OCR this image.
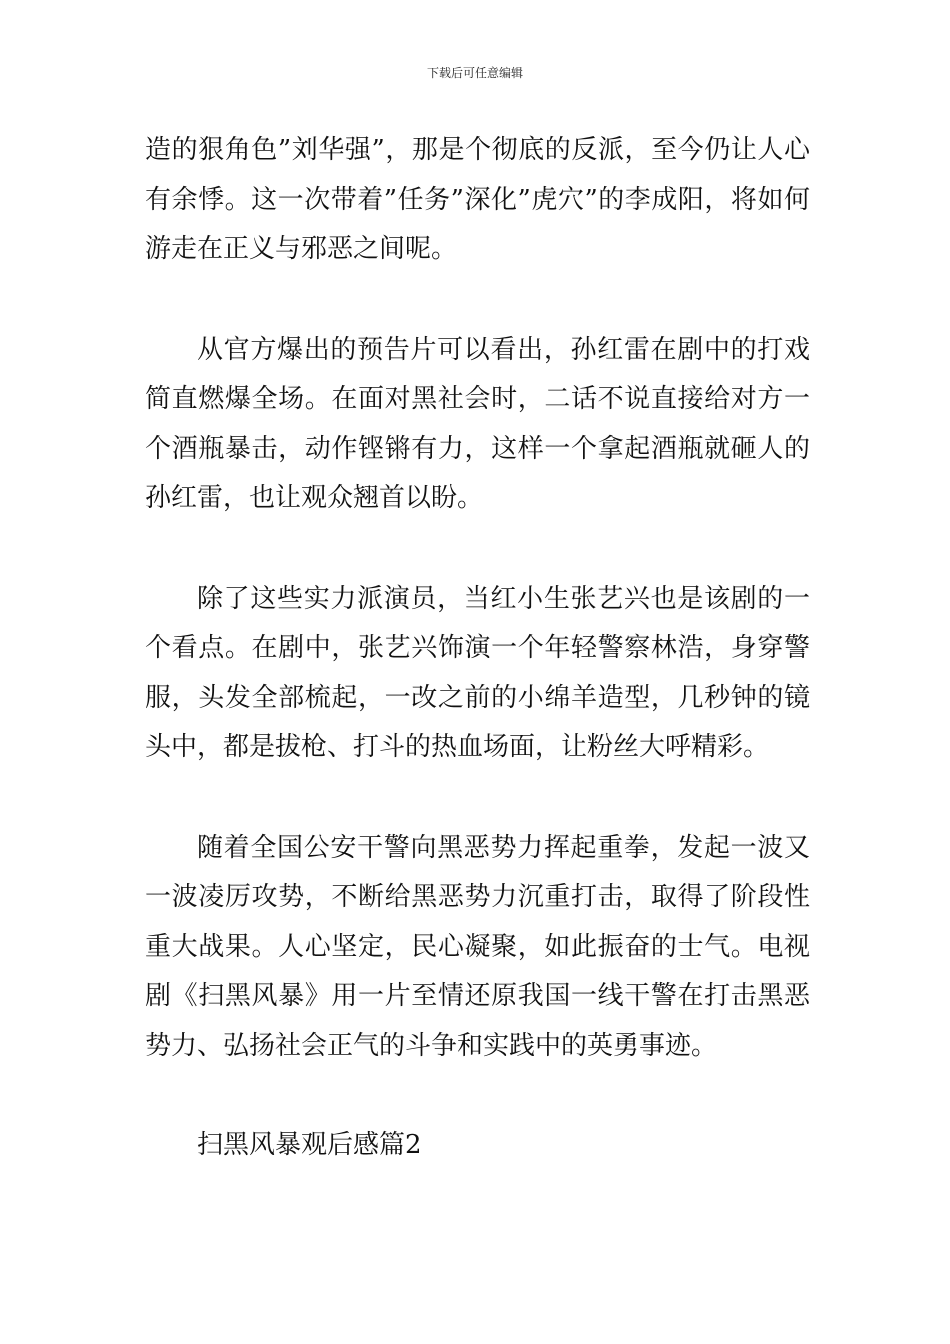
下载后可任意编辑

造的狠角色”刘华强”，那是个彻底的反派，至今仍让人心有余悸。这一次带着”任务”深化”虎穴”的李成阳，将如何游走在正义与邪恶之间呢。

从官方爆出的预告片可以看出，孙红雷在剧中的打戏简直燃爆全场。在面对黑社会时，二话不说直接给对方一个酒瓶暴击，动作铿锵有力，这样一个拿起酒瓶就砸人的孙红雷，也让观众翘首以盼。

除了这些实力派演员，当红小生张艺兴也是该剧的一个看点。在剧中，张艺兴饰演一个年轻警察林浩，身穿警服，头发全部梳起，一改之前的小绵羊造型，几秒钟的镜头中，都是拔枪、打斗的热血场面，让粉丝大呼精彩。

随着全国公安干警向黑恶势力挥起重拳，发起一波又一波凌厉攻势，不断给黑恶势力沉重打击，取得了阶段性重大战果。人心坚定，民心凝聚，如此振奋的士气。电视剧《扫黑风暴》用一片至情还原我国一线干警在打击黑恶势力、弘扬社会正气的斗争和实践中的英勇事迹。

扫黑风暴观后感篇2
